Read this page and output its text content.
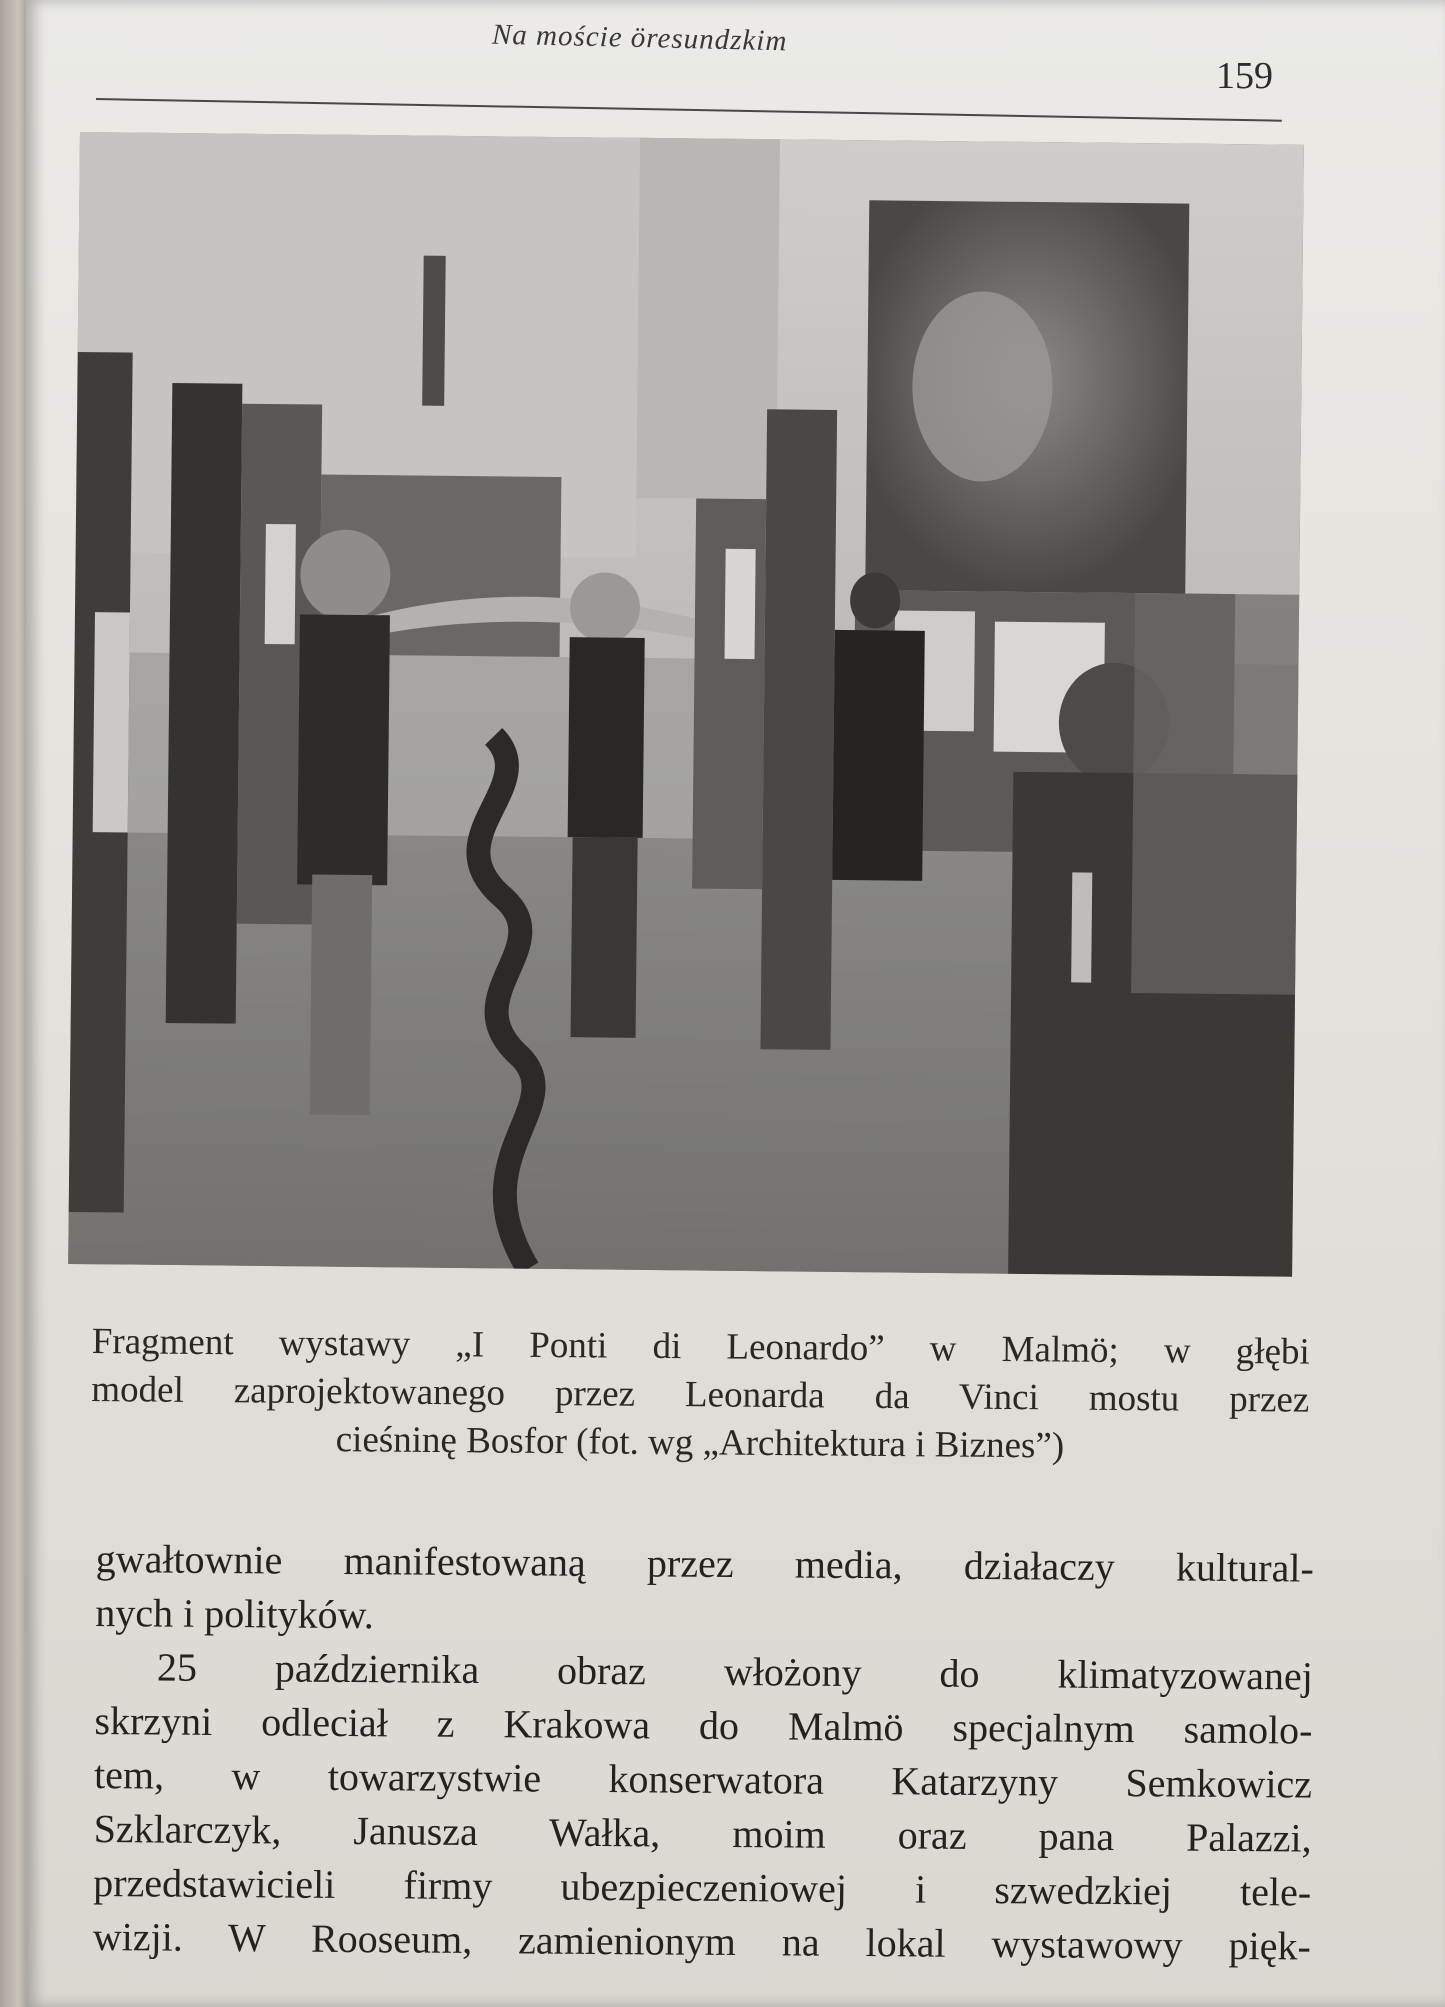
Na moście öresundzkim
159
Fragment wystawy „I Ponti di Leonardo” w Malmö; w głębi
model zaprojektowanego przez Leonarda da Vinci mostu przez
cieśninę Bosfor (fot. wg „Architektura i Biznes”)
gwałtownie manifestowaną przez media, działaczy kultural-
nych i polityków.
25 października obraz włożony do klimatyzowanej
skrzyni odleciał z Krakowa do Malmö specjalnym samolo-
tem, w towarzystwie konserwatora Katarzyny Semkowicz
Szklarczyk, Janusza Wałka, moim oraz pana Palazzi,
przedstawicieli firmy ubezpieczeniowej i szwedzkiej tele-
wizji. W Rooseum, zamienionym na lokal wystawowy pięk-
